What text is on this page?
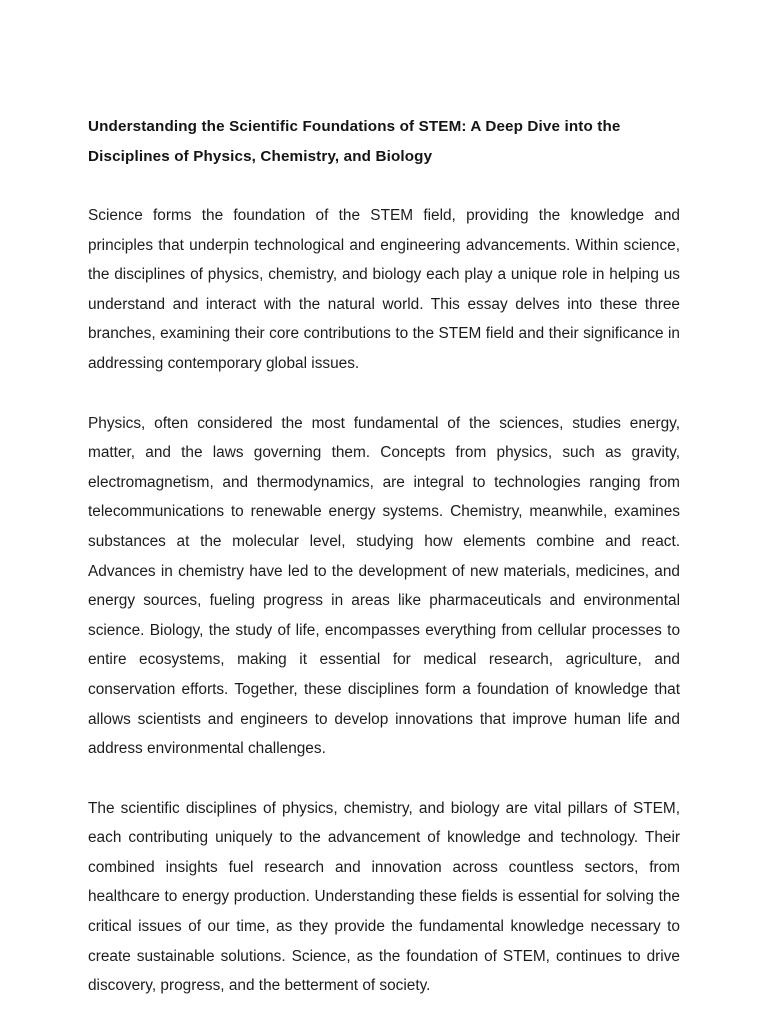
Understanding the Scientific Foundations of STEM: A Deep Dive into the Disciplines of Physics, Chemistry, and Biology

Science forms the foundation of the STEM field, providing the knowledge and principles that underpin technological and engineering advancements. Within science, the disciplines of physics, chemistry, and biology each play a unique role in helping us understand and interact with the natural world. This essay delves into these three branches, examining their core contributions to the STEM field and their significance in addressing contemporary global issues.

Physics, often considered the most fundamental of the sciences, studies energy, matter, and the laws governing them. Concepts from physics, such as gravity, electromagnetism, and thermodynamics, are integral to technologies ranging from telecommunications to renewable energy systems. Chemistry, meanwhile, examines substances at the molecular level, studying how elements combine and react. Advances in chemistry have led to the development of new materials, medicines, and energy sources, fueling progress in areas like pharmaceuticals and environmental science. Biology, the study of life, encompasses everything from cellular processes to entire ecosystems, making it essential for medical research, agriculture, and conservation efforts. Together, these disciplines form a foundation of knowledge that allows scientists and engineers to develop innovations that improve human life and address environmental challenges.

The scientific disciplines of physics, chemistry, and biology are vital pillars of STEM, each contributing uniquely to the advancement of knowledge and technology. Their combined insights fuel research and innovation across countless sectors, from healthcare to energy production. Understanding these fields is essential for solving the critical issues of our time, as they provide the fundamental knowledge necessary to create sustainable solutions. Science, as the foundation of STEM, continues to drive discovery, progress, and the betterment of society.
